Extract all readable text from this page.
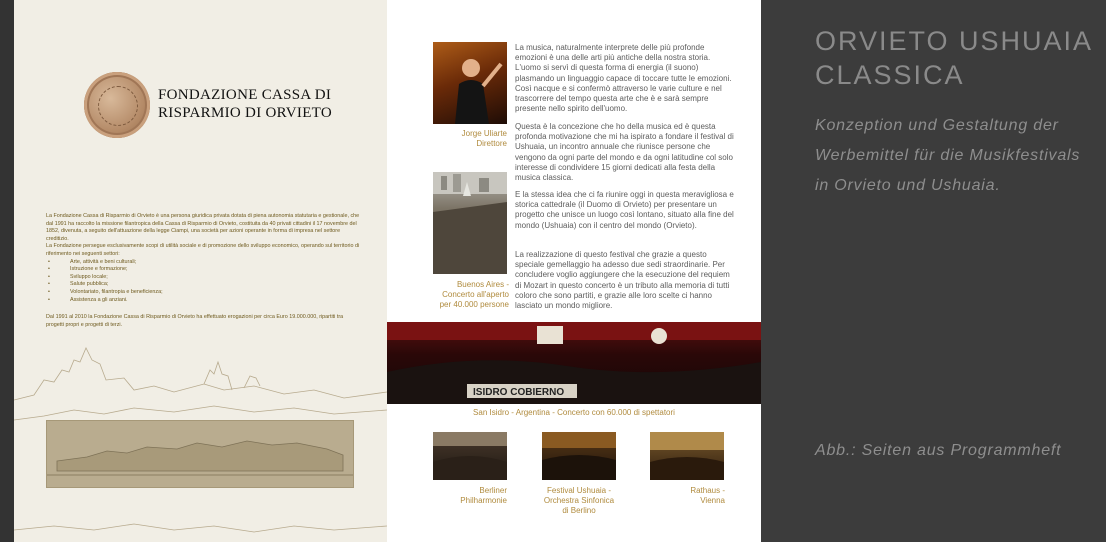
FONDAZIONE CASSA DI
RISPARMIO DI ORVIETO

La Fondazione Cassa di Risparmio di Orvieto è una persona giuridica privata dotata di piena autonomia statutaria e gestionale, che dal 1991 ha raccolto la missione filantropica della Cassa di Risparmio di Orvieto, costituita da 40 privati cittadini il 17 novembre del 1852, divenuta, a seguito dell'attuazione della legge Ciampi, una società per azioni operante in forma di impresa nel settore creditizio.

La Fondazione persegue esclusivamente scopi di utilità sociale e di promozione dello sviluppo economico, operando sul territorio di riferimento nei seguenti settori:

• Arte, attività e beni culturali;
• Istruzione e formazione;
• Sviluppo locale;
• Salute pubblica;
• Volontariato, filantropia e beneficienza;
• Assistenza a gli anziani.

Dal 1991 al 2010 la Fondazione Cassa di Risparmio di Orvieto ha effettuato erogazioni per circa Euro 19.000.000, ripartiti tra progetti propri e progetti di terzi.

Jorge Uliarte
Direttore
Buenos Aires -
Concerto all'aperto
per 40.000 persone
La musica, naturalmente interprete delle più profonde emozioni è una delle arti più antiche della nostra storia. L'uomo si servì di questa forma di energia (il suono) plasmando un linguaggio capace di toccare tutte le emozioni. Così nacque e si confermò attraverso le varie culture e nel trascorrere del tempo questa arte che è e sarà sempre presente nello spirito dell'uomo.
Questa è la concezione che ho della musica ed è questa profonda motivazione che mi ha ispirato a fondare il festival di Ushuaia, un incontro annuale che riunisce persone che vengono da ogni parte del mondo e da ogni latitudine col solo interesse di condividere 15 giorni dedicati alla festa della musica classica.
E la stessa idea che ci fa riunire oggi in questa meravigliosa e storica cattedrale (il Duomo di Orvieto) per presentare un progetto che unisce un luogo così lontano, situato alla fine del mondo (Ushuaia) con il centro del mondo (Orvieto).
La realizzazione di questo festival che grazie a questo speciale gemellaggio ha adesso due sedi straordinarie. Per concludere voglio aggiungere che la esecuzione del requiem di Mozart in questo concerto è un tributo alla memoria di tutti coloro che sono partiti, e grazie alle loro scelte ci hanno lasciato un mondo migliore.
ISIDRO COBIERNO
San Isidro - Argentina - Concerto con 60.000 di spettatori
Berliner
Philharmonie
Festival Ushuaia -
Orchestra Sinfonica
di Berlino
Rathaus -
Vienna
ORVIETO USHUAIA
CLASSICA
Konzeption und Gestaltung der
Werbemittel für die Musikfestivals
in Orvieto und Ushuaia.
Abb.: Seiten aus Programmheft
